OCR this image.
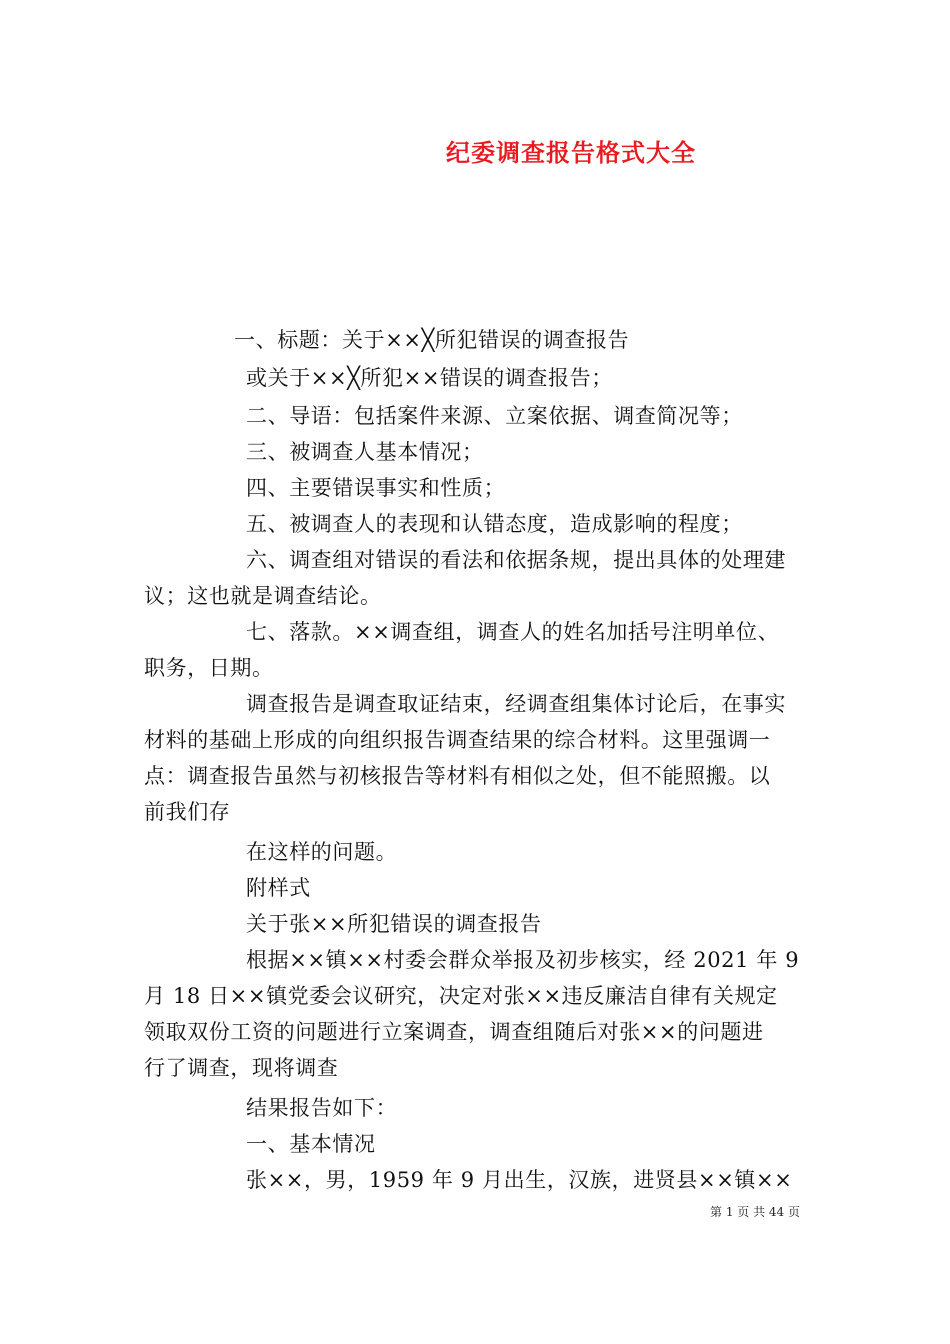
纪委调查报告格式大全
一、标题：关于××╳所犯错误的调查报告
或关于××╳所犯××错误的调查报告；
二、导语：包括案件来源、立案依据、调查简况等；
三、被调查人基本情况；
四、主要错误事实和性质；
五、被调查人的表现和认错态度，造成影响的程度；
六、调查组对错误的看法和依据条规，提出具体的处理建
议；这也就是调查结论。
七、落款。××调查组，调查人的姓名加括号注明单位、
职务，日期。
调查报告是调查取证结束，经调查组集体讨论后，在事实
材料的基础上形成的向组织报告调查结果的综合材料。这里强调一
点：调查报告虽然与初核报告等材料有相似之处，但不能照搬。以
前我们存
在这样的问题。
附样式
关于张××所犯错误的调查报告
根据××镇××村委会群众举报及初步核实，经 2021 年 9
月 18 日××镇党委会议研究，决定对张××违反廉洁自律有关规定
领取双份工资的问题进行立案调查，调查组随后对张××的问题进
行了调查，现将调查
结果报告如下：
一、基本情况
张××，男，1959 年 9 月出生，汉族，进贤县××镇××
第 1 页 共 44 页
